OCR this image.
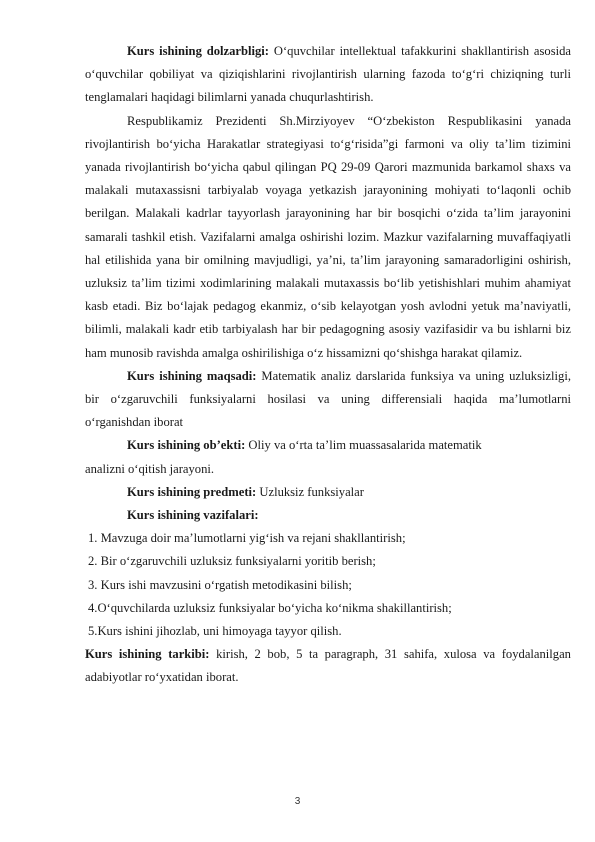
Kurs ishining dolzarbligi: O‘quvchilar intellektual tafakkurini shakllantirish asosida o‘quvchilar qobiliyat va qiziqishlarini rivojlantirish ularning fazoda to‘g‘ri chiziqning turli tenglamalari haqidagi bilimlarni yanada chuqurlashtirish.

Respublikamiz Prezidenti Sh.Mirziyoyev “O‘zbekiston Respublikasini yanada rivojlantirish bo‘yicha Harakatlar strategiyasi to‘g‘risida”gi farmoni va oliy ta’lim tizimini yanada rivojlantirish bo‘yicha qabul qilingan PQ 29-09 Qarori mazmunida barkamol shaxs va malakali mutaxassisni tarbiyalab voyaga yetkazish jarayonining mohiyati to‘laqonli ochib berilgan. Malakali kadrlar tayyorlash jarayonining har bir bosqichi o‘zida ta’lim jarayonini samarali tashkil etish. Vazifalarni amalga oshirishi lozim. Mazkur vazifalarning muvaffaqiyatli hal etilishida yana bir omilning mavjudligi, ya’ni, ta’lim jarayoning samaradorligini oshirish, uzluksiz ta’lim tizimi xodimlarining malakali mutaxassis bo‘lib yetishishlari muhim ahamiyat kasb etadi. Biz bo‘lajak pedagog ekanmiz, o‘sib kelayotgan yosh avlodni yetuk ma’naviyatli, bilimli, malakali kadr etib tarbiyalash har bir pedagogning asosiy vazifasidir va bu ishlarni biz ham munosib ravishda amalga oshirilishiga o‘z hissamizni qo‘shishga harakat qilamiz.

Kurs ishining maqsadi: Matematik analiz darslarida funksiya va uning uzluksizligi, bir o‘zgaruvchili funksiyalarni hosilasi va uning differensiali haqida ma’lumotlarni o‘rganishdan iborat

Kurs ishining ob’ekti: Oliy va o‘rta ta’lim muassasalarida matematik

analizni o‘qitish jarayoni.

Kurs ishining predmeti: Uzluksiz funksiyalar

Kurs ishining vazifalari:

1. Mavzuga doir ma’lumotlarni yig‘ish va rejani shakllantirish;

2. Bir o‘zgaruvchili uzluksiz funksiyalarni yoritib berish;

3. Kurs ishi mavzusini o‘rgatish metodikasini bilish;

4.O‘quvchilarda uzluksiz funksiyalar bo‘yicha ko‘nikma shakillantirish;

5.Kurs ishini jihozlab, uni himoyaga tayyor qilish.

Kurs ishining tarkibi: kirish, 2 bob, 5 ta paragraph, 31 sahifa, xulosa va foydalanilgan adabiyotlar ro‘yxatidan iborat.

3
